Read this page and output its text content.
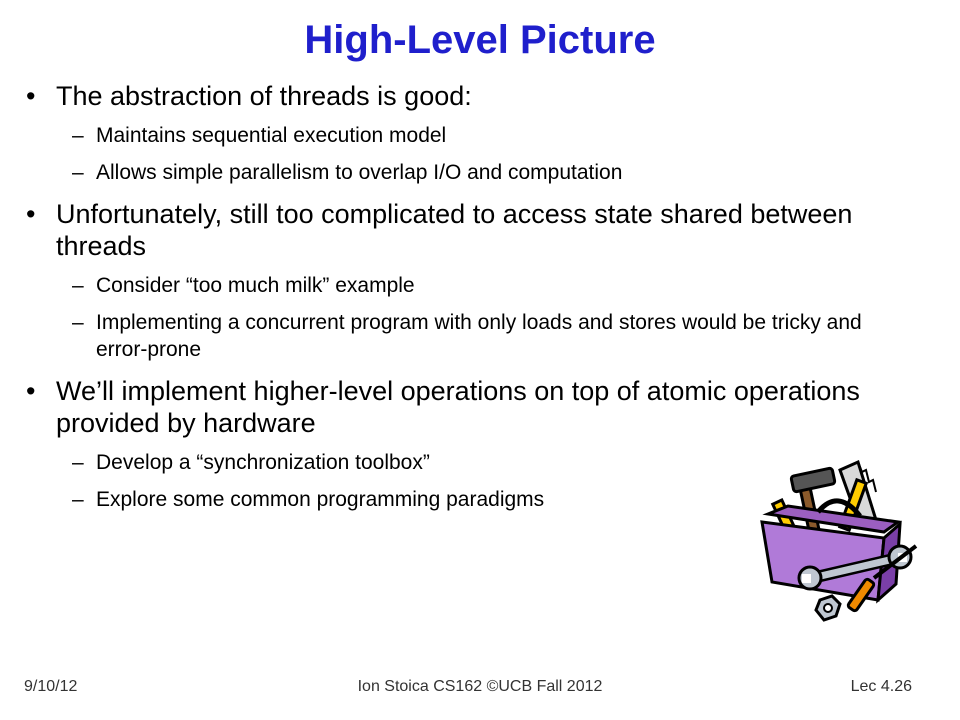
High-Level Picture
• The abstraction of threads is good:
– Maintains sequential execution model
– Allows simple parallelism to overlap I/O and computation
• Unfortunately, still too complicated to access state shared between threads
– Consider “too much milk” example
– Implementing a concurrent program with only loads and stores would be tricky and error-prone
• We’ll implement higher-level operations on top of atomic operations provided by hardware
– Develop a “synchronization toolbox”
– Explore some common programming paradigms
9/10/12	Ion Stoica CS162 ©UCB Fall 2012	Lec 4.26
